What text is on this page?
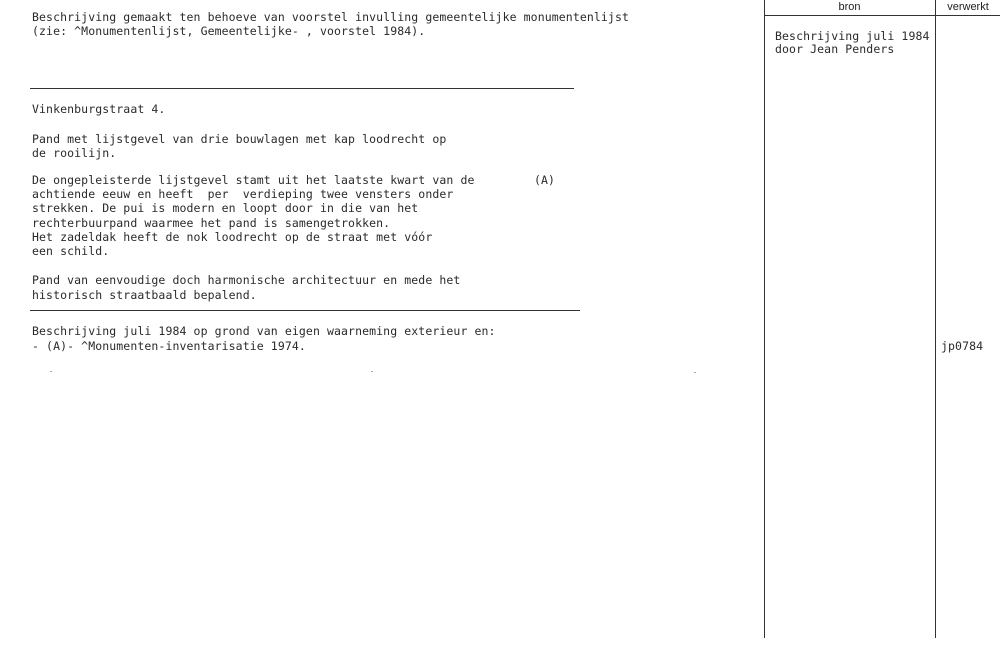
Beschrijving gemaakt ten behoeve van voorstel invulling gemeentelijke monumentenlijst
(zie: ^Monumentenlijst, Gemeentelijke- , voorstel 1984).
bron	verwerkt
Beschrijving juli 1984
door Jean Penders
Vinkenburgstraat 4.
Pand met lijstgevel van drie bouwlagen met kap loodrecht op
de rooilijn.
De ongepleisterde lijstgevel stamt uit het laatste kwart van de	(A)
achtiende eeuw en heeft  per  verdieping twee vensters onder
strekken. De pui is modern en loopt door in die van het
rechterbuurpand waarmee het pand is samengetrokken.
Het zadeldak heeft de nok loodrecht op de straat met vóór
een schild.
Pand van eenvoudige doch harmonische architectuur en mede het
historisch straatbaald bepalend.
Beschrijving juli 1984 op grond van eigen waarneming exterieur en:
- (A)- ^Monumenten-inventarisatie 1974.	jp0784
